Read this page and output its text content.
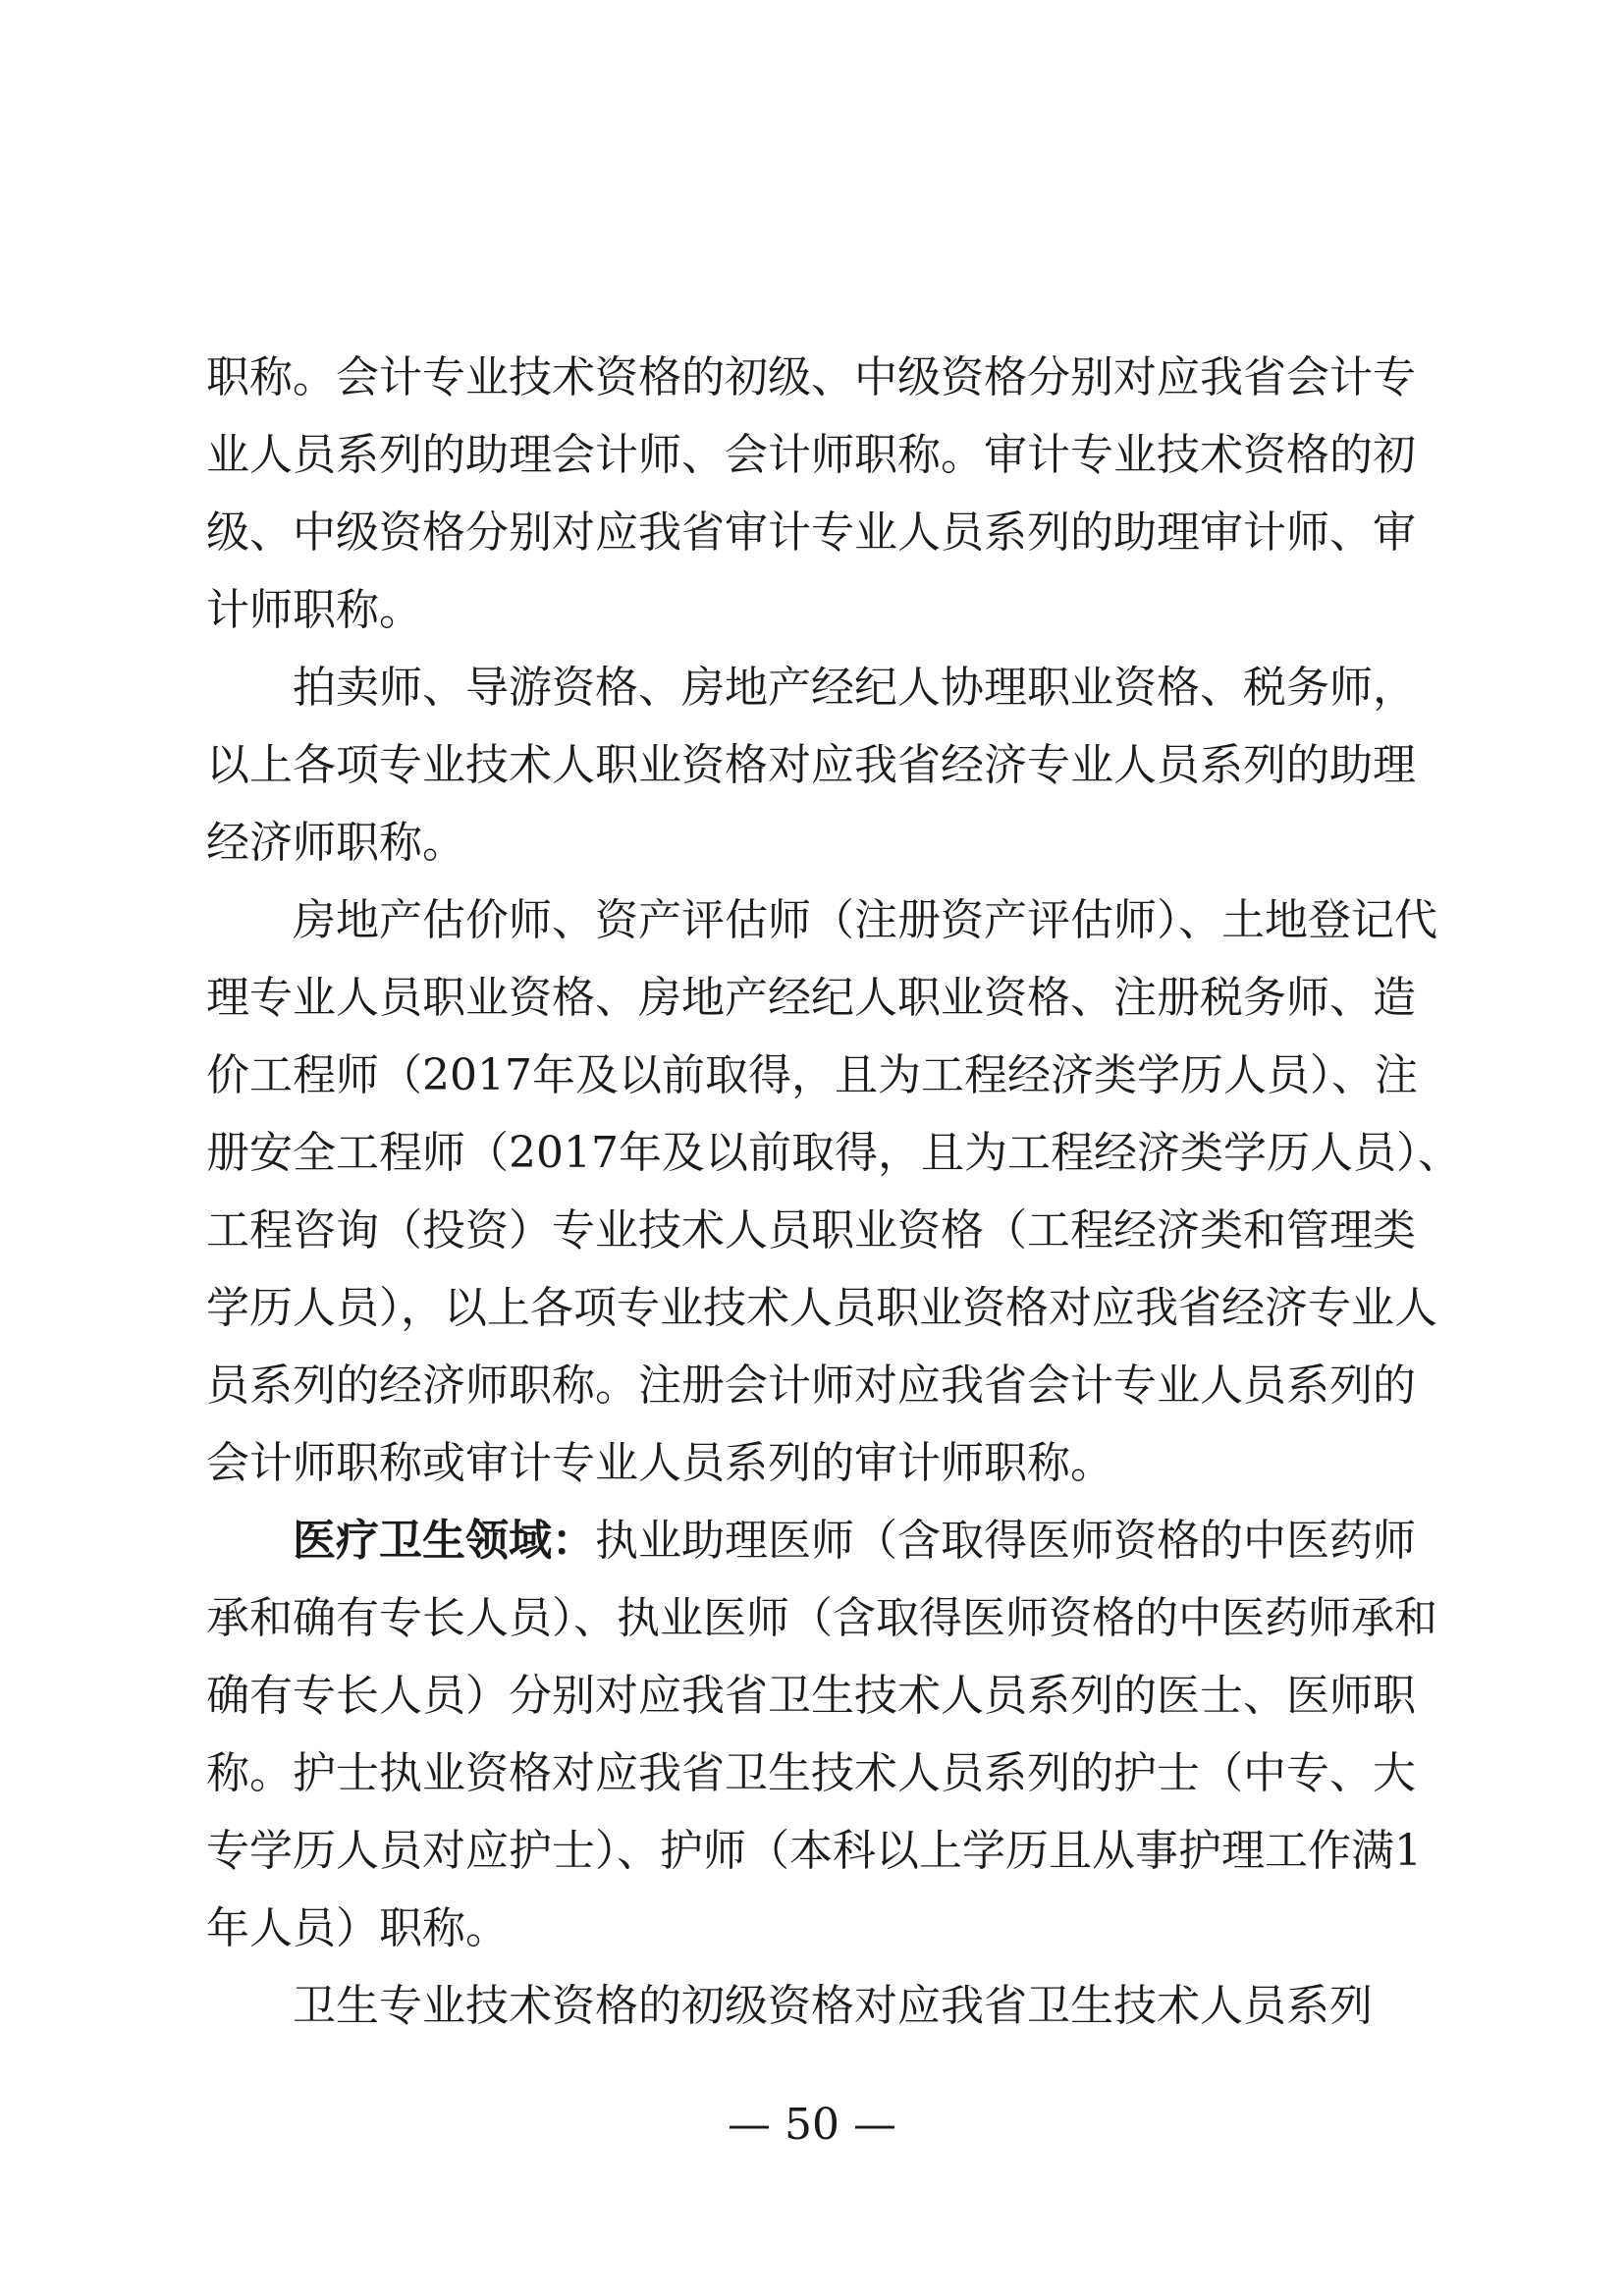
职称。会计专业技术资格的初级、中级资格分别对应我省会计专

业人员系列的助理会计师、会计师职称。审计专业技术资格的初

级、中级资格分别对应我省审计专业人员系列的助理审计师、审

计师职称。

拍卖师、导游资格、房地产经纪人协理职业资格、税务师，

以上各项专业技术人职业资格对应我省经济专业人员系列的助理

经济师职称。

房地产估价师、资产评估师（注册资产评估师）、土地登记代

理专业人员职业资格、房地产经纪人职业资格、注册税务师、造

价工程师（2017年及以前取得，且为工程经济类学历人员）、注

册安全工程师（2017年及以前取得，且为工程经济类学历人员）、

工程咨询（投资）专业技术人员职业资格（工程经济类和管理类

学历人员），以上各项专业技术人员职业资格对应我省经济专业人

员系列的经济师职称。注册会计师对应我省会计专业人员系列的

会计师职称或审计专业人员系列的审计师职称。

医疗卫生领域： 执业助理医师（含取得医师资格的中医药师

承和确有专长人员）、执业医师（含取得医师资格的中医药师承和

确有专长人员）分别对应我省卫生技术人员系列的医士、医师职

称。护士执业资格对应我省卫生技术人员系列的护士（中专、大

专学历人员对应护士）、护师（本科以上学历且从事护理工作满1

年人员）职称。

卫生专业技术资格的初级资格对应我省卫生技术人员系列

— 50 —
